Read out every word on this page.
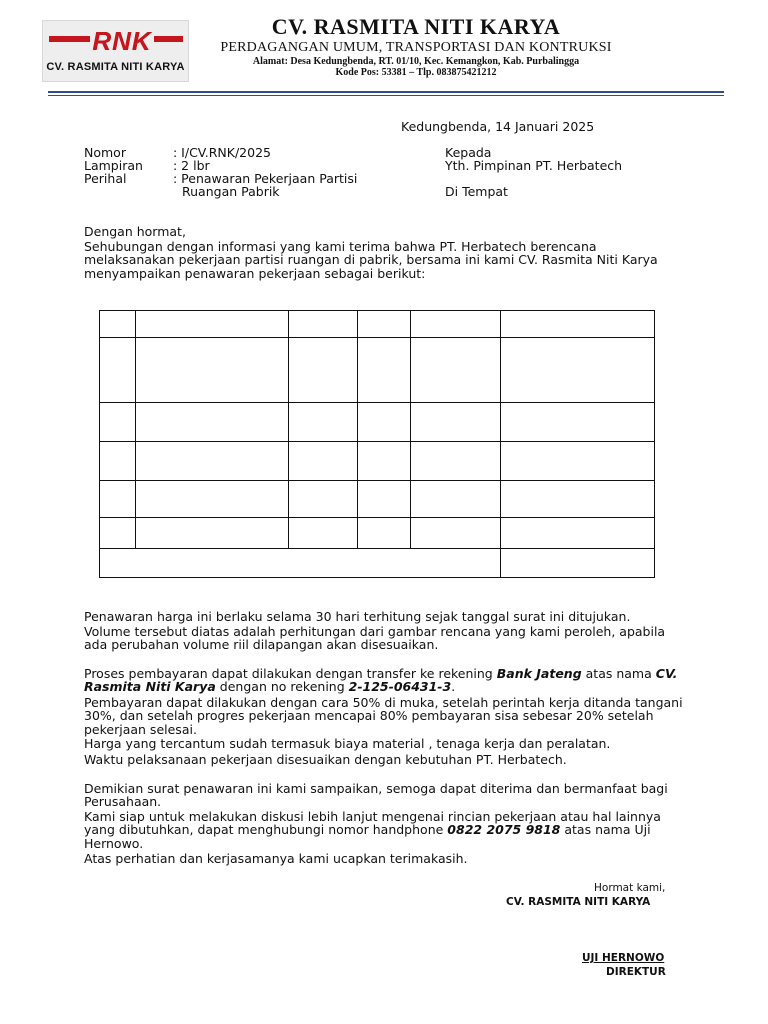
RNK
CV. RASMITA NITI KARYA
CV. RASMITA NITI KARYA
PERDAGANGAN UMUM, TRANSPORTASI DAN KONTRUKSI
Alamat: Desa Kedungbenda, RT. 01/10, Kec. Kemangkon, Kab. Purbalingga
Kode Pos: 53381 – Tlp. 083875421212
Kedungbenda, 14 Januari 2025
Nomor	: I/CV.RNK/2025
Lampiran : 2 lbr
Perihal	: Penawaran Pekerjaan Partisi
Ruangan Pabrik
Kepada
Yth. Pimpinan PT. Herbatech
Di Tempat
Dengan hormat,
Sehubungan dengan informasi yang kami terima bahwa PT. Herbatech berencana melaksanakan pekerjaan partisi ruangan di pabrik, bersama ini kami CV. Rasmita Niti Karya menyampaikan penawaran pekerjaan sebagai berikut:

Penawaran harga ini berlaku selama 30 hari terhitung sejak tanggal surat ini ditujukan.
Volume tersebut diatas adalah perhitungan dari gambar rencana yang kami peroleh, apabila ada perubahan volume riil dilapangan akan disesuaikan.
Proses pembayaran dapat dilakukan dengan transfer ke rekening Bank Jateng atas nama CV. Rasmita Niti Karya dengan no rekening 2-125-06431-3.
Pembayaran dapat dilakukan dengan cara 50% di muka, setelah perintah kerja ditanda tangani 30%, dan setelah progres pekerjaan mencapai 80% pembayaran sisa sebesar 20% setelah pekerjaan selesai.
Harga yang tercantum sudah termasuk biaya material , tenaga kerja dan peralatan.
Waktu pelaksanaan pekerjaan disesuaikan dengan kebutuhan PT. Herbatech.
Demikian surat penawaran ini kami sampaikan, semoga dapat diterima dan bermanfaat bagi Perusahaan.
Kami siap untuk melakukan diskusi lebih lanjut mengenai rincian pekerjaan atau hal lainnya yang dibutuhkan, dapat menghubungi nomor handphone 0822 2075 9818 atas nama Uji Hernowo.
Atas perhatian dan kerjasamanya kami ucapkan terimakasih.
Hormat kami,
CV. RASMITA NITI KARYA
UJI HERNOWO
DIREKTUR
